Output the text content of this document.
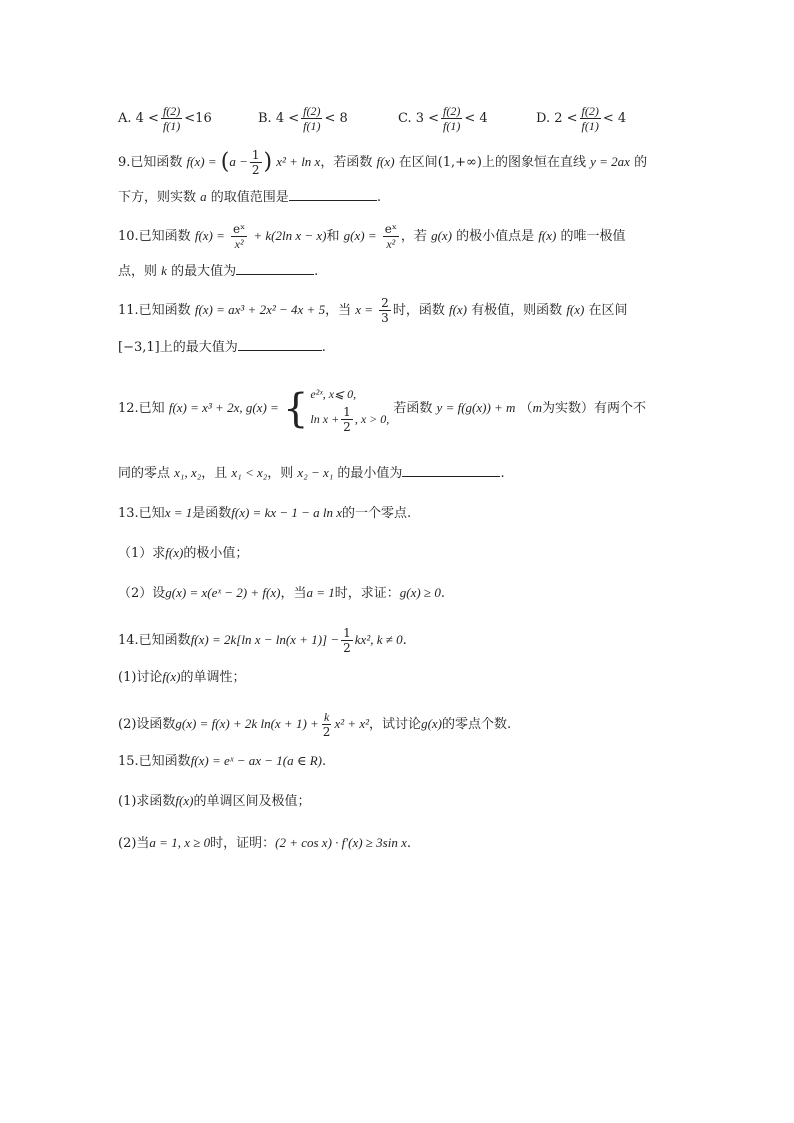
A. $4 < \frac{f(2)}{f(1)} <16$	B. $4 < \frac{f(2)}{f(1)} < 8$	C. $3 < \frac{f(2)}{f(1)} < 4$	D. $2 < \frac{f(2)}{f(1)} < 4$
9.已知函数 $f(x) = (a - \frac{1}{2}$ ) x² + ln x，若函数 f(x) 在区间(1,+∞)上的图象恒在直线 y = 2ax 的
下方，则实数 a 的取值范围是	.
10.已知函数 $f(x) = \frac{\text{eˣ}}{\text{x²}} + k(2\ln$ x − x)和 $g(x) = \frac{\text{eˣ}}{\text{x²}}$ ，若 g(x) 的极小值点是 f(x) 的唯一极值
点，则 k 的最大值为	.
11.已知函数 f(x) = ax³ + 2x² − 4x + 5，当 $x = \frac{2}{3}$ 时，函数 f(x) 有极值，则函数 f(x) 在区间
[−3,1]上的最大值为	.
12.已知 f(x) = x³ + 2x, g(x) = { e²ˣ, x⩽ 0,
$\ln x + \frac{1}{2}$ , x > 0,
若函数 y = f(g(x)) + m （m为实数）有两个不
同的零点 x₁, x₂，且 x₁ < x₂，则 x₂ − x₁ 的最小值为	.
13.已知x = 1是函数f(x) = kx − 1 − a ln x的一个零点.
（1）求f(x)的极小值；
（2）设g(x) = x(eˣ − 2) + f(x)，当a = 1时，求证：g(x) ≥ 0.
14.已知函数f(x) = 2k[ln $x - \ln(x + 1)] - \frac{1}{2} kx^2$, k ≠ 0.
(1)讨论f(x)的单调性；
(2)设函数g(x) = f(x) + 2k $\ln(x + 1) + \frac{k}{2} x^2 + x^2$，试讨论g(x)的零点个数.
15.已知函数f(x) = eˣ − ax − 1(a ∈ R).
(1)求函数f(x)的单调区间及极值；
(2)当a = 1, x ≥ 0时，证明：(2 + cos x) · f′(x) ≥ 3sin x.
